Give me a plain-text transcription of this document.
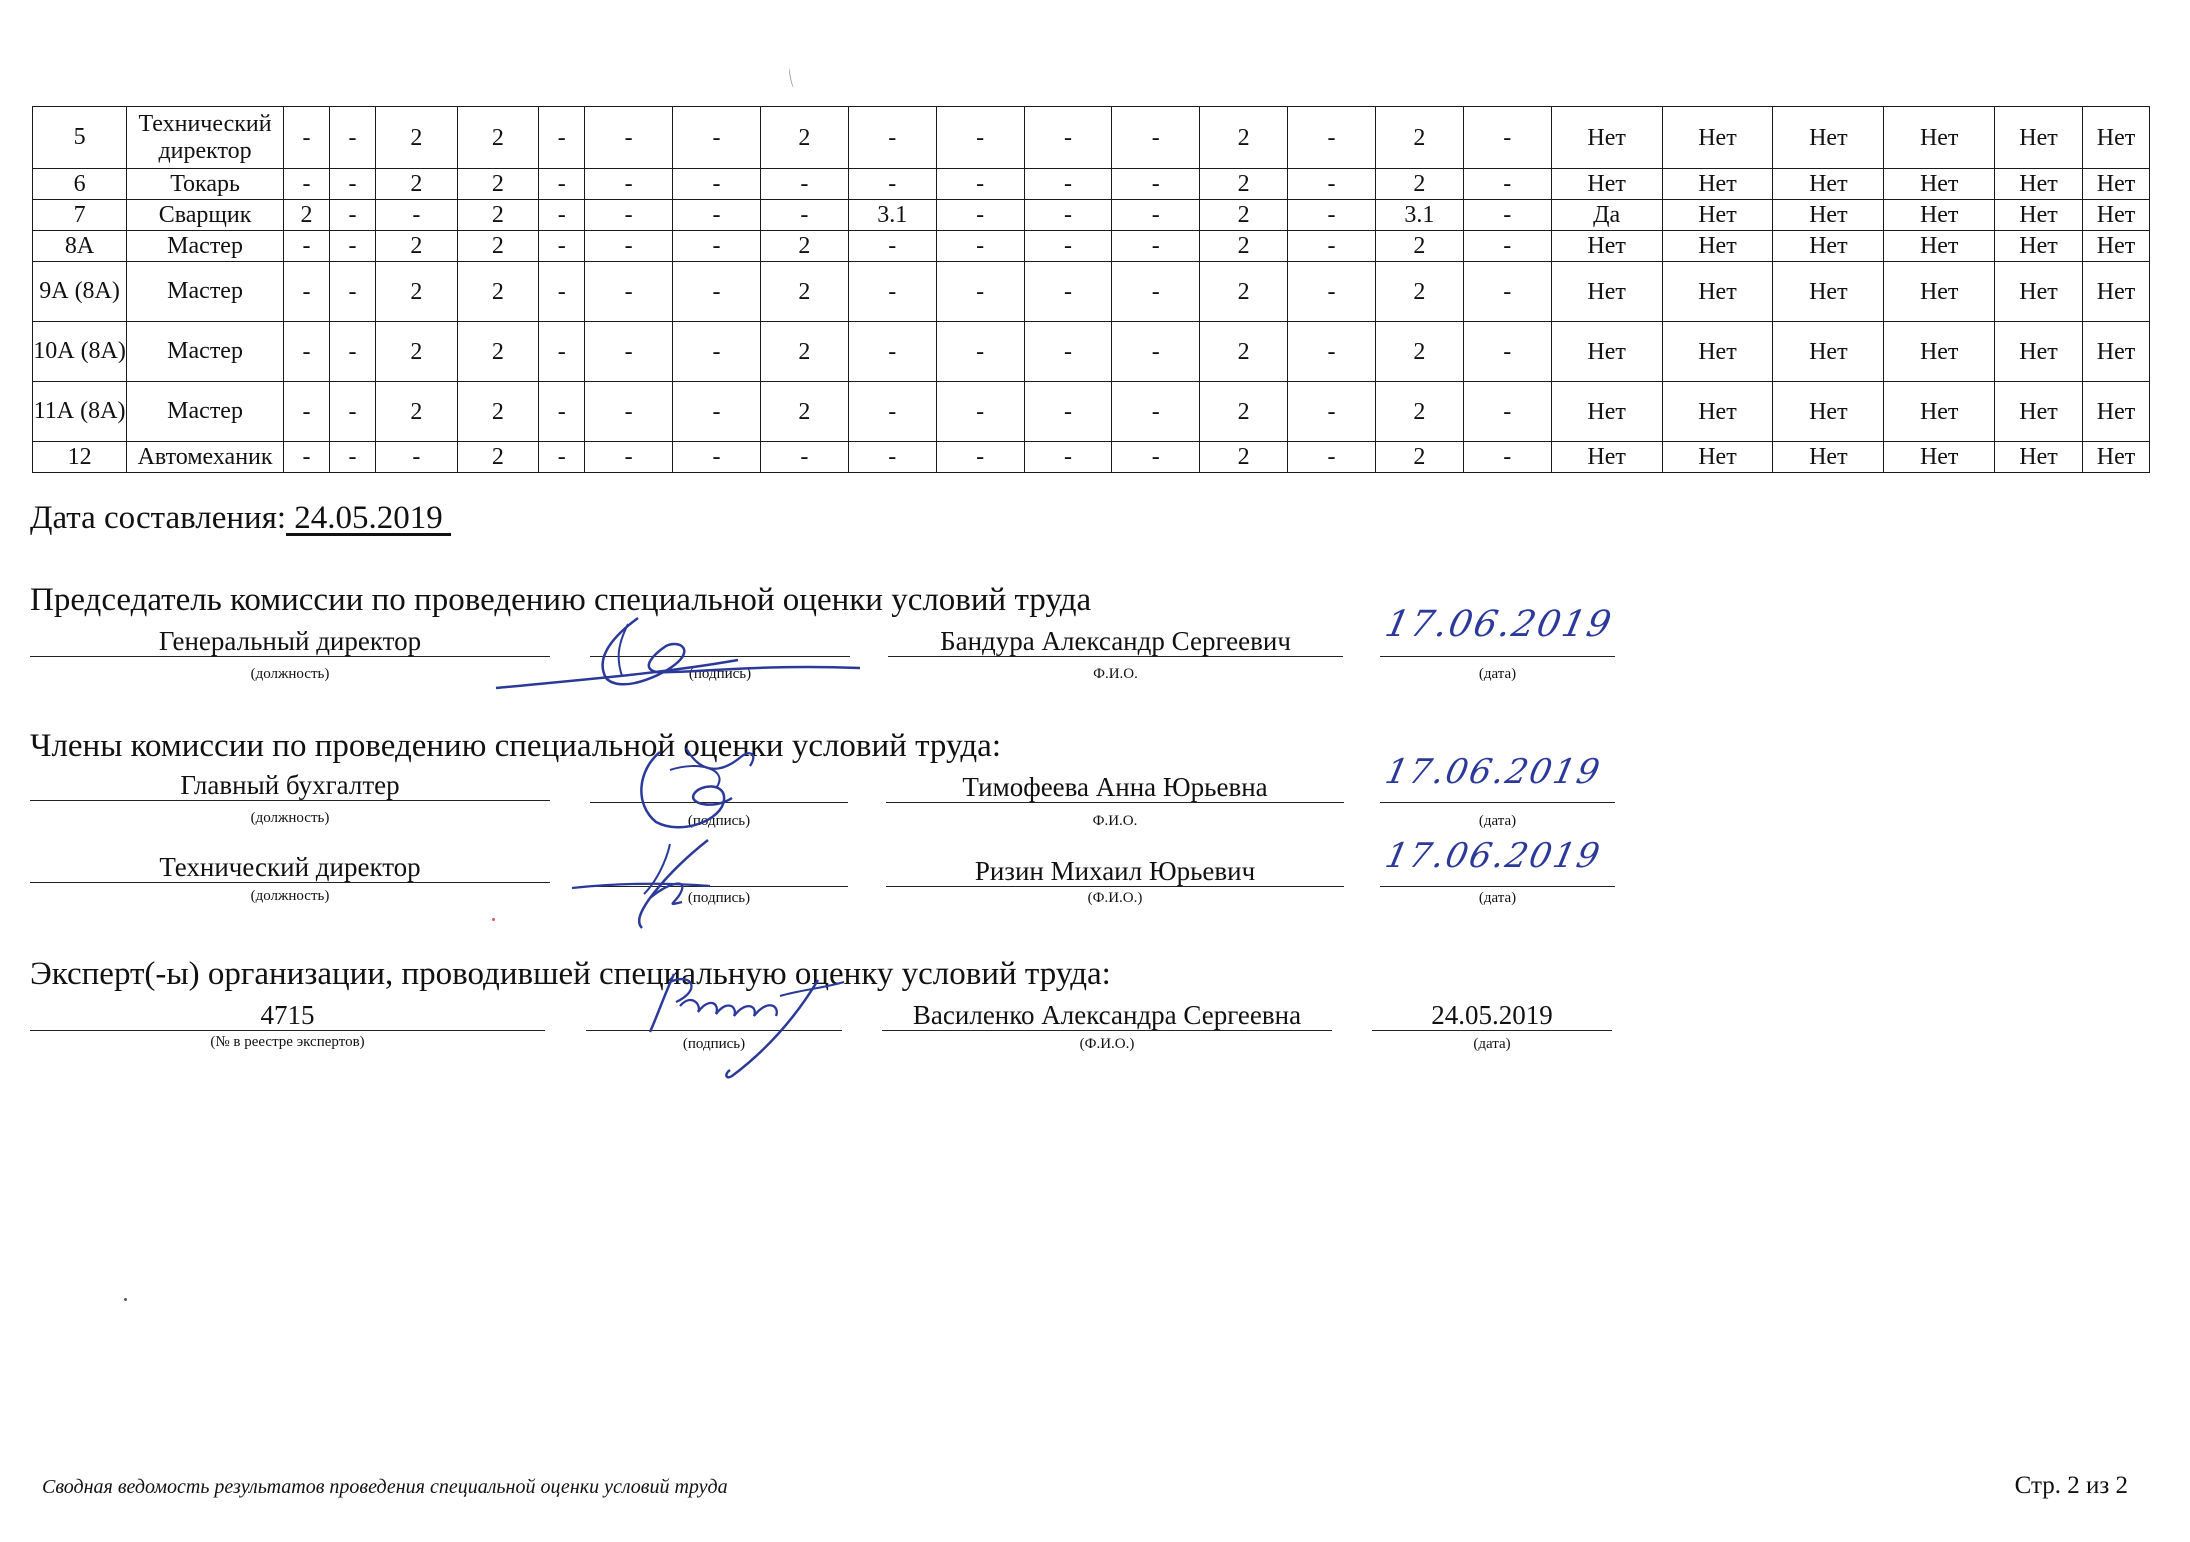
5	Технический директор	-	-	2	2	-	-	-	2	-	-	-	-	2	-	2	-	Нет	Нет	Нет	Нет	Нет	Нет
6	Токарь	-	-	2	2	-	-	-	-	-	-	-	-	2	-	2	-	Нет	Нет	Нет	Нет	Нет	Нет
7	Сварщик	2	-	-	2	-	-	-	-	3.1	-	-	-	2	-	3.1	-	Да	Нет	Нет	Нет	Нет	Нет
8А	Мастер	-	-	2	2	-	-	-	2	-	-	-	-	2	-	2	-	Нет	Нет	Нет	Нет	Нет	Нет
9А (8А)	Мастер	-	-	2	2	-	-	-	2	-	-	-	-	2	-	2	-	Нет	Нет	Нет	Нет	Нет	Нет
10А (8А)	Мастер	-	-	2	2	-	-	-	2	-	-	-	-	2	-	2	-	Нет	Нет	Нет	Нет	Нет	Нет
11А (8А)	Мастер	-	-	2	2	-	-	-	2	-	-	-	-	2	-	2	-	Нет	Нет	Нет	Нет	Нет	Нет
12	Автомеханик	-	-	-	2	-	-	-	-	-	-	-	-	2	-	2	-	Нет	Нет	Нет	Нет	Нет	Нет
Дата составления: 24.05.2019
Председатель комиссии по проведению специальной оценки условий труда
Генеральный директор
(должность)	(подпись)
Бандура Александр Сергеевич
Ф.И.О.
17.06.2019
(дата)
Члены комиссии по проведению специальной оценки условий труда:
Главный бухгалтер
(должность)	(подпись)
Тимофеева Анна Юрьевна
Ф.И.О.
17.06.2019
(дата)
Технический директор
(должность)	(подпись)
Ризин Михаил Юрьевич
(Ф.И.О.)
17.06.2019
(дата)
Эксперт(-ы) организации, проводившей специальную оценку условий труда:
4715
(№ в реестре экспертов)	(подпись)
Василенко Александра Сергеевна
(Ф.И.О.)
24.05.2019
(дата)
Сводная ведомость результатов проведения специальной оценки условий труда	Стр. 2 из 2
